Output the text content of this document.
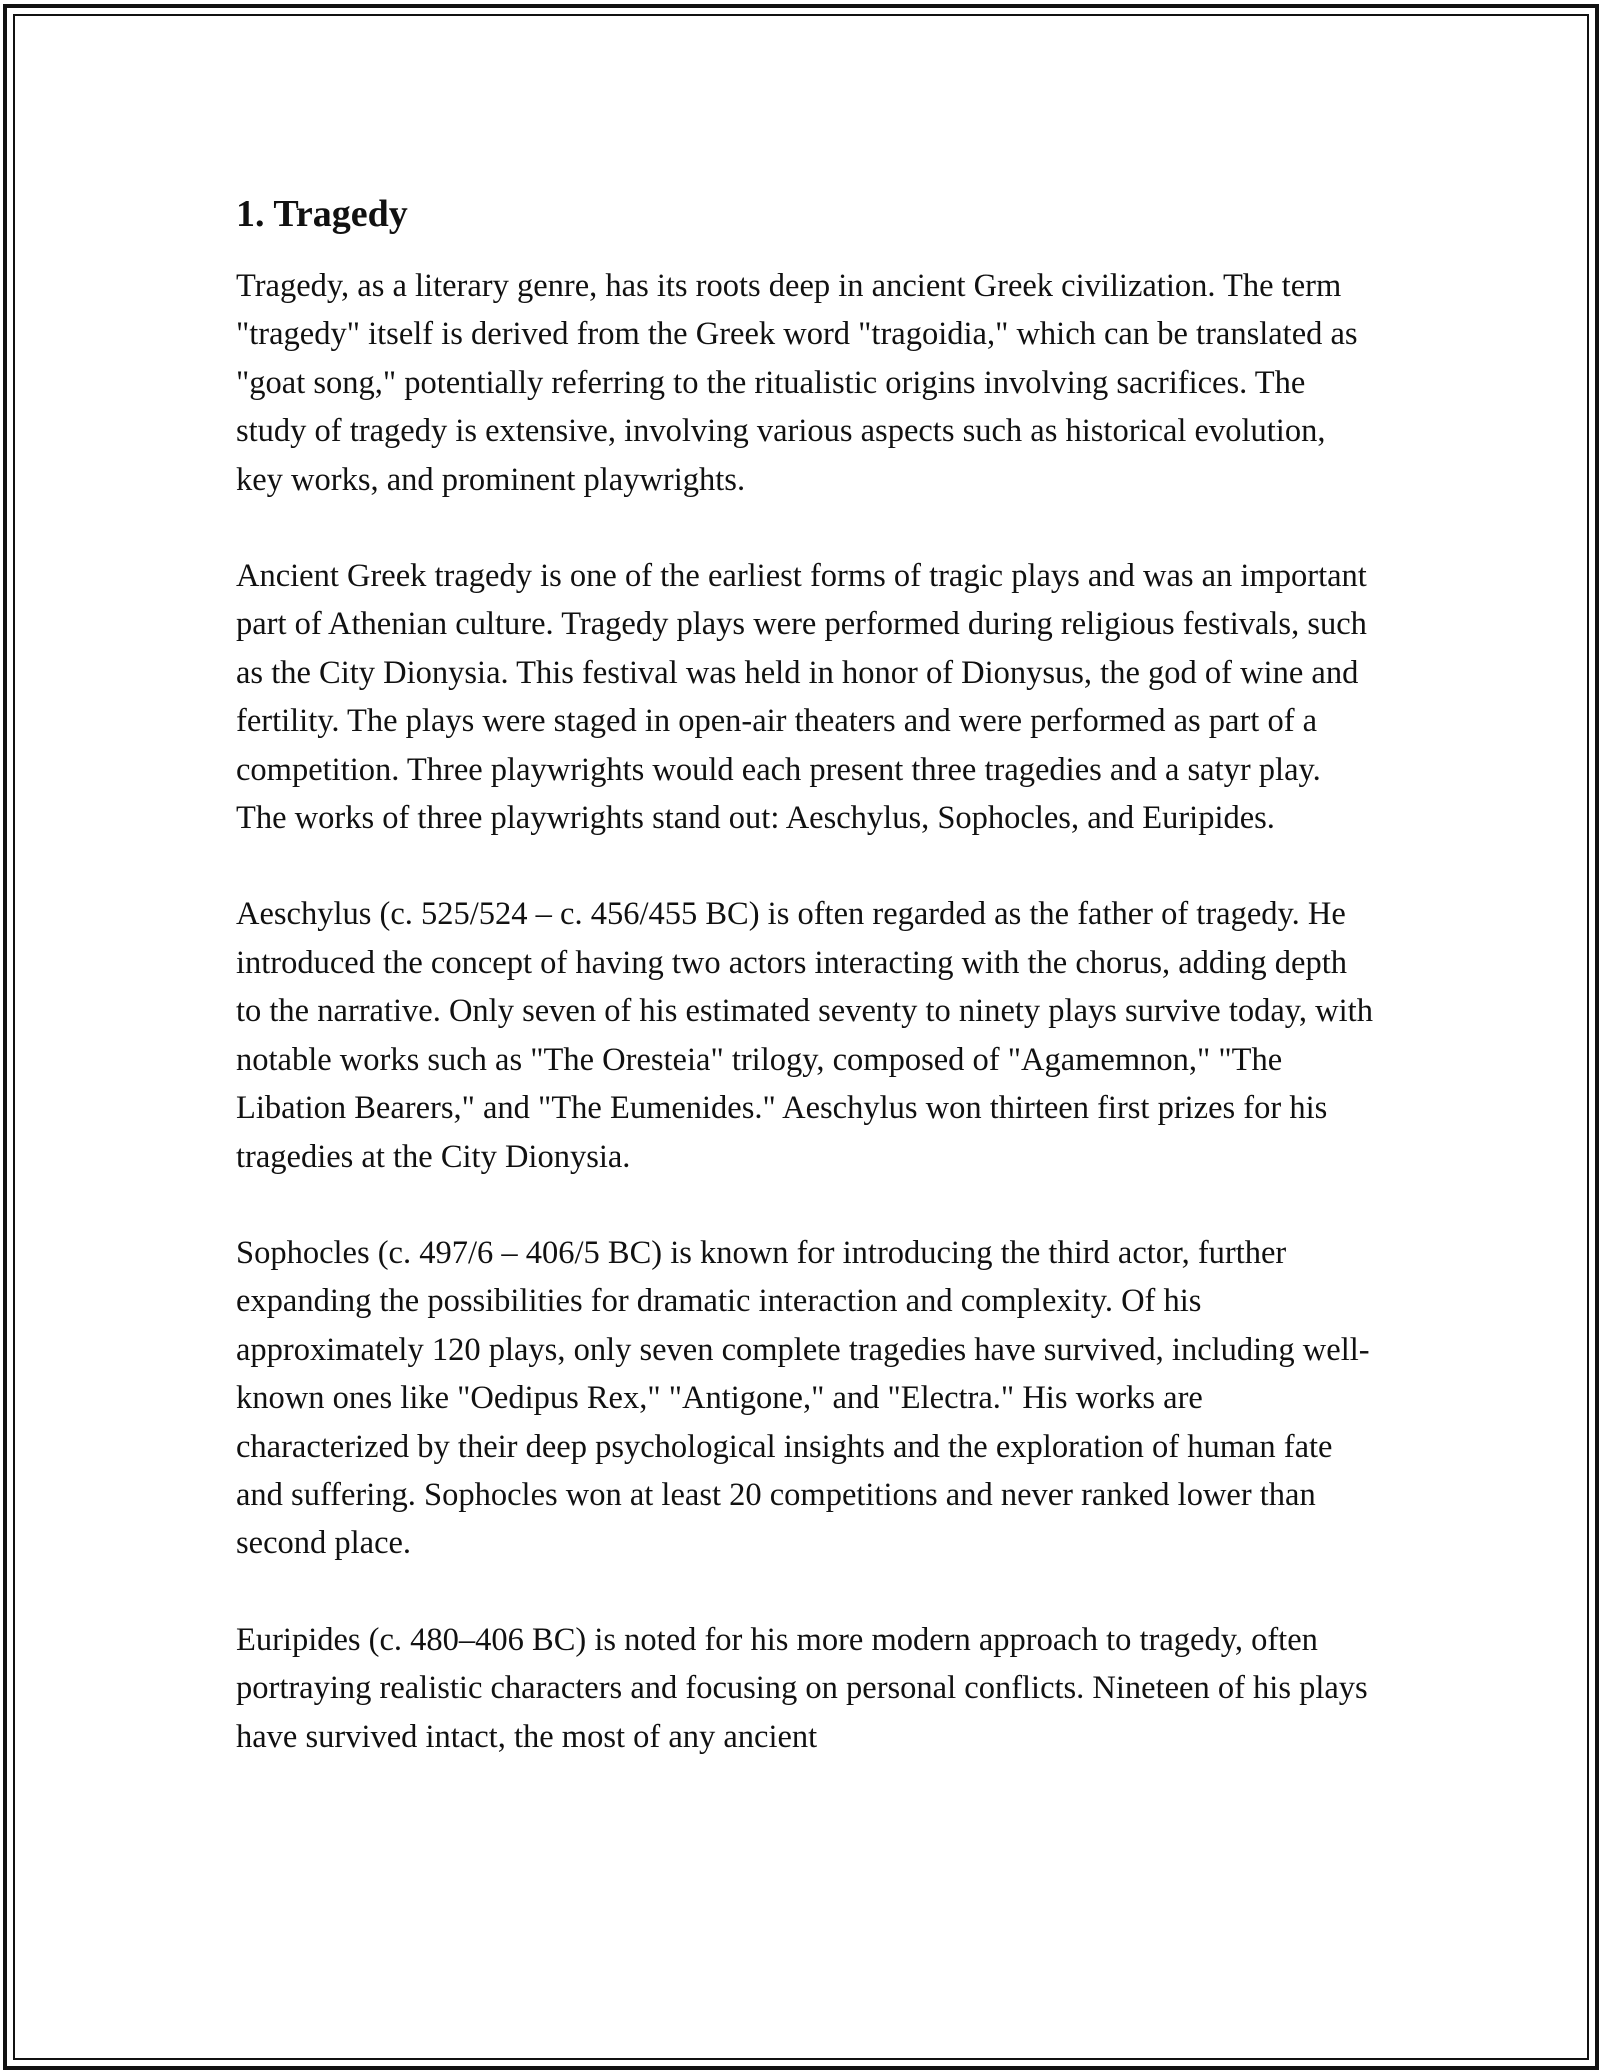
1. Tragedy

Tragedy, as a literary genre, has its roots deep in ancient Greek civilization. The term "tragedy" itself is derived from the Greek word "tragoidia," which can be translated as "goat song," potentially referring to the ritualistic origins involving sacrifices. The study of tragedy is extensive, involving various aspects such as historical evolution, key works, and prominent playwrights.

Ancient Greek tragedy is one of the earliest forms of tragic plays and was an important part of Athenian culture. Tragedy plays were performed during religious festivals, such as the City Dionysia. This festival was held in honor of Dionysus, the god of wine and fertility. The plays were staged in open-air theaters and were performed as part of a competition. Three playwrights would each present three tragedies and a satyr play. The works of three playwrights stand out: Aeschylus, Sophocles, and Euripides.

Aeschylus (c. 525/524 – c. 456/455 BC) is often regarded as the father of tragedy. He introduced the concept of having two actors interacting with the chorus, adding depth to the narrative. Only seven of his estimated seventy to ninety plays survive today, with notable works such as "The Oresteia" trilogy, composed of "Agamemnon," "The Libation Bearers," and "The Eumenides." Aeschylus won thirteen first prizes for his tragedies at the City Dionysia.

Sophocles (c. 497/6 – 406/5 BC) is known for introducing the third actor, further expanding the possibilities for dramatic interaction and complexity. Of his approximately 120 plays, only seven complete tragedies have survived, including well-known ones like "Oedipus Rex," "Antigone," and "Electra." His works are characterized by their deep psychological insights and the exploration of human fate and suffering. Sophocles won at least 20 competitions and never ranked lower than second place.

Euripides (c. 480–406 BC) is noted for his more modern approach to tragedy, often portraying realistic characters and focusing on personal conflicts. Nineteen of his plays have survived intact, the most of any ancient
